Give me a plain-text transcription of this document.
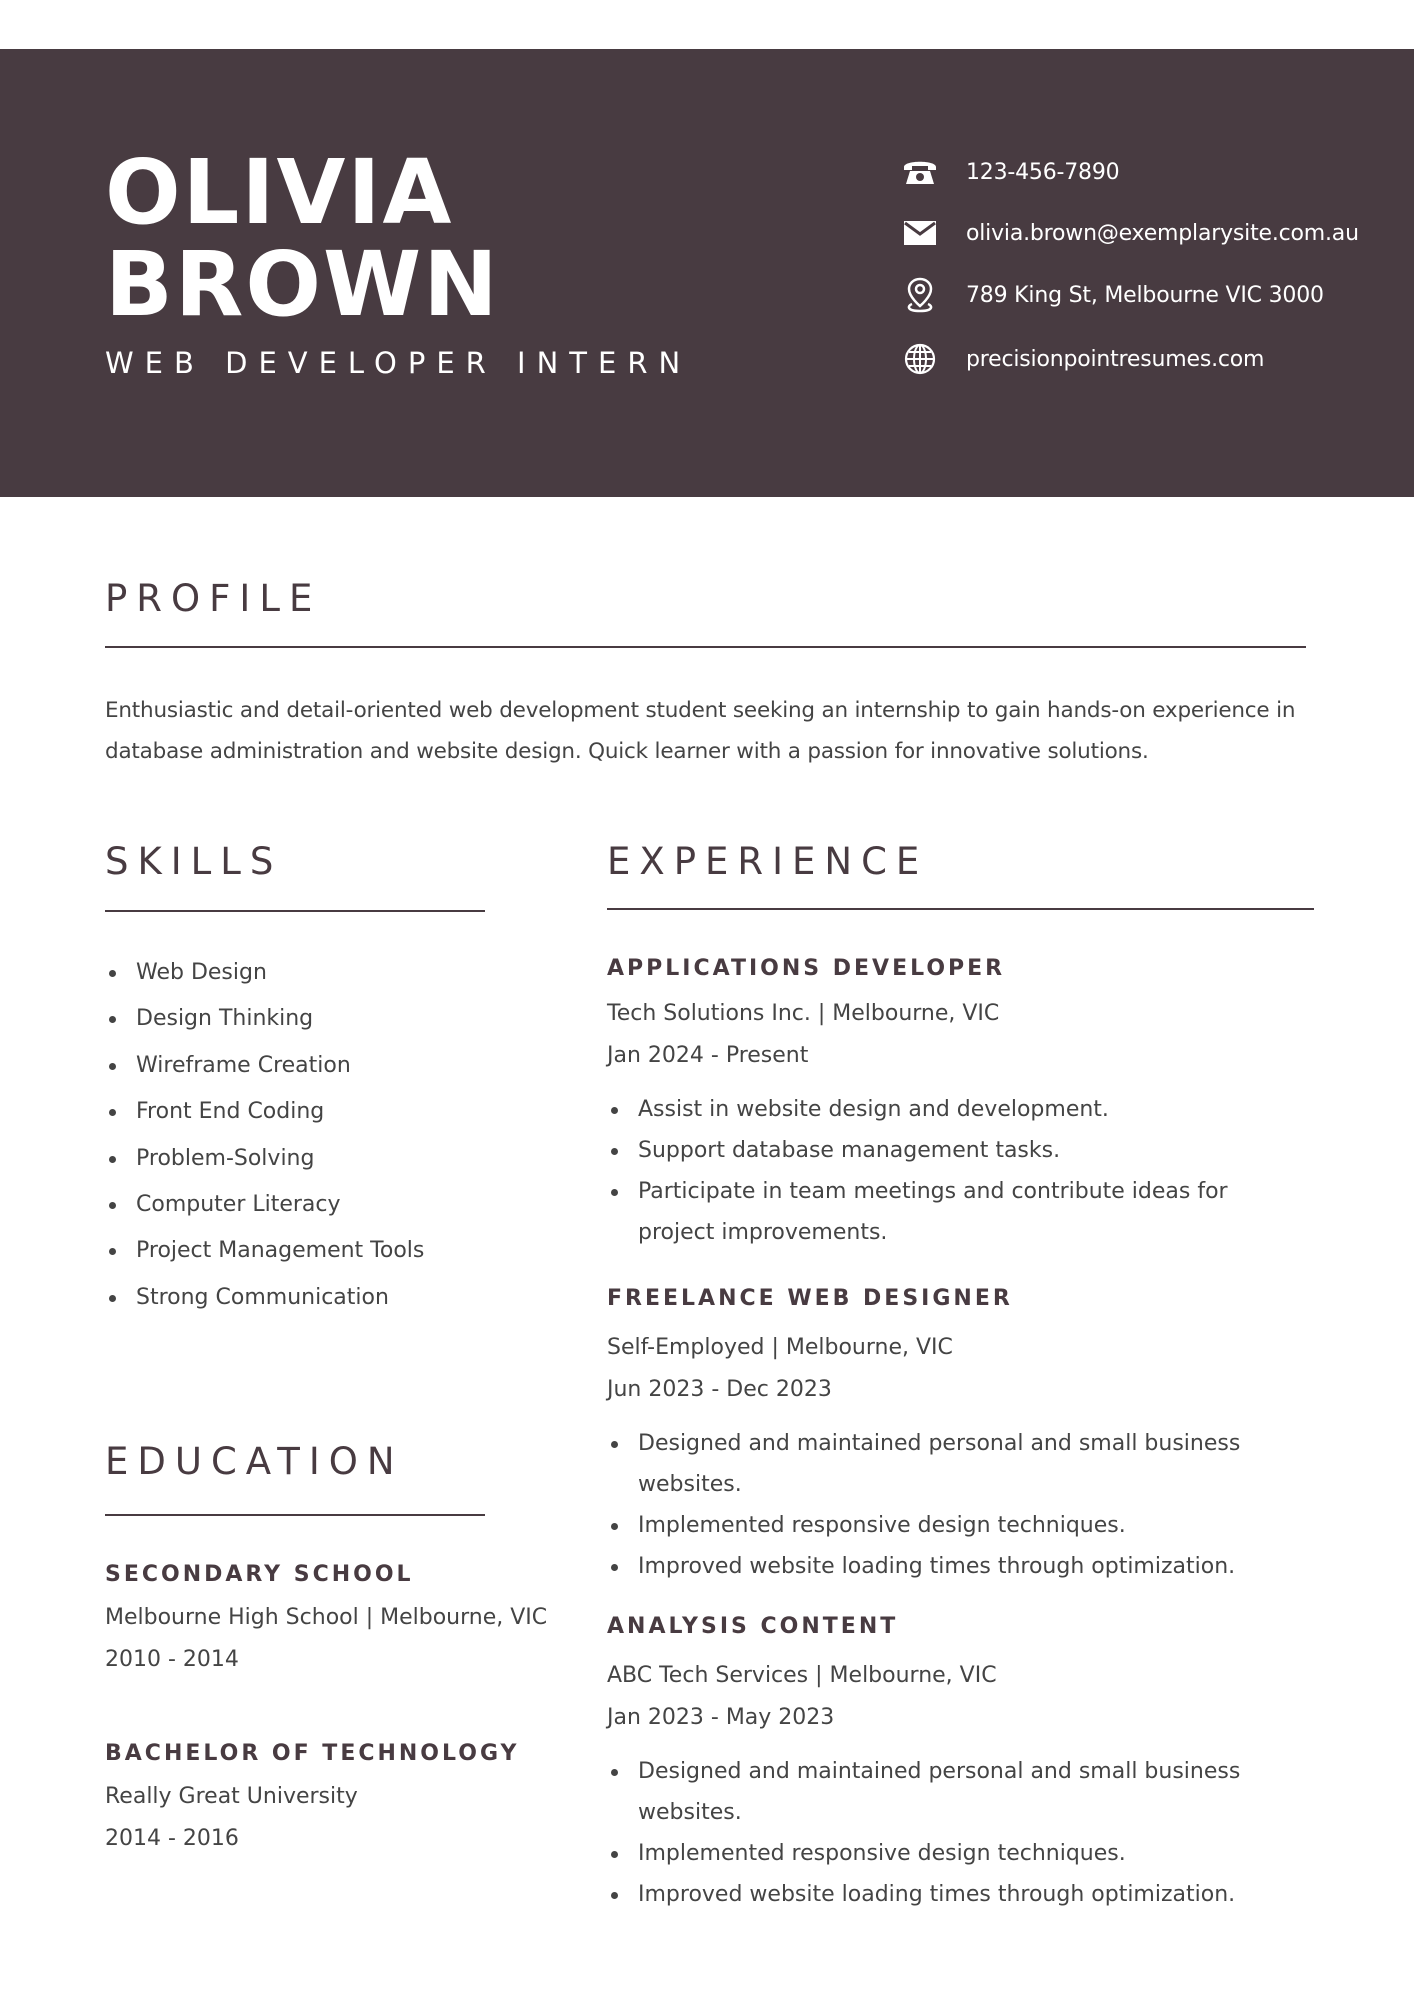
OLIVIA
BROWN
WEB DEVELOPER INTERN
123-456-7890
olivia.brown@exemplarysite.com.au
789 King St, Melbourne VIC 3000
precisionpointresumes.com
PROFILE
Enthusiastic and detail-oriented web development student seeking an internship to gain hands-on experience in database administration and website design. Quick learner with a passion for innovative solutions.
SKILLS
Web Design
Design Thinking
Wireframe Creation
Front End Coding
Problem-Solving
Computer Literacy
Project Management Tools
Strong Communication
EDUCATION
SECONDARY SCHOOL
Melbourne High School | Melbourne, VIC
2010 - 2014
BACHELOR OF TECHNOLOGY
Really Great University
2014 - 2016
EXPERIENCE
APPLICATIONS DEVELOPER
Tech Solutions Inc. | Melbourne, VIC
Jan 2024 - Present
Assist in website design and development.
Support database management tasks.
Participate in team meetings and contribute ideas for project improvements.
FREELANCE WEB DESIGNER
Self-Employed | Melbourne, VIC
Jun 2023 - Dec 2023
Designed and maintained personal and small business websites.
Implemented responsive design techniques.
Improved website loading times through optimization.
ANALYSIS CONTENT
ABC Tech Services | Melbourne, VIC
Jan 2023 - May 2023
Designed and maintained personal and small business websites.
Implemented responsive design techniques.
Improved website loading times through optimization.
